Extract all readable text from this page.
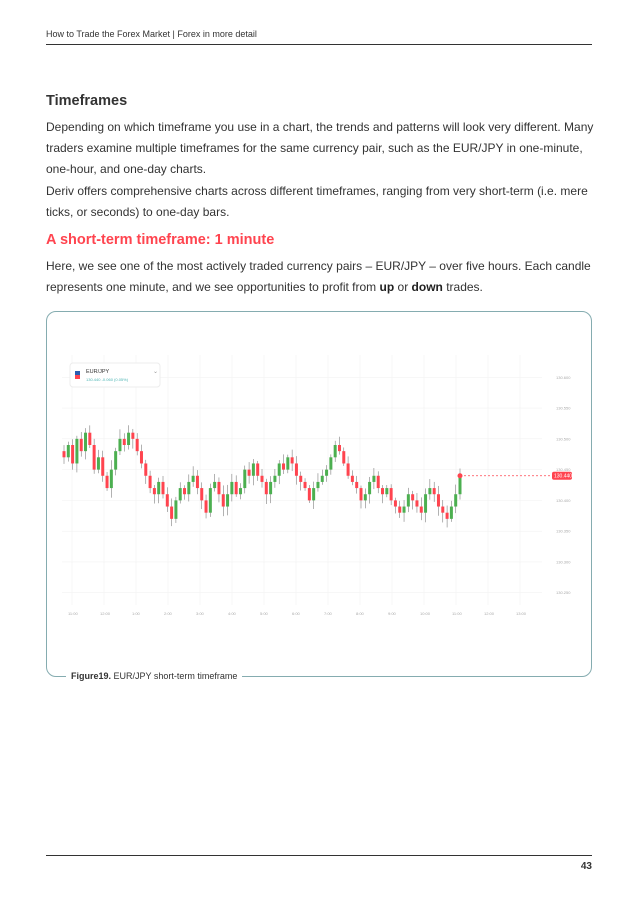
How to Trade the Forex Market | Forex in more detail
Timeframes

Depending on which timeframe you use in a chart, the trends and patterns will look very different. Many traders examine multiple timeframes for the same currency pair, such as the EUR/JPY in one-minute, one-hour, and one-day charts.

Deriv offers comprehensive charts across different timeframes, ranging from very short-term (i.e. mere ticks, or seconds) to one-day bars.

A short-term timeframe: 1 minute

Here, we see one of the most actively traded currency pairs – EUR/JPY – over five hours. Each candle represents one minute, and we see opportunities to profit from up or down trades.

130.600
130.550
130.500
130.450
130.400
130.350
130.300
130.250
11:00	12:00	1:00	2:00	3:00	4:00	5:00	6:00	7:00	8:00	9:00	10:00	11:00	12:00	13:00
130.440
EUR/JPY
130.440 -0.060 (0.05%)
⌄
Figure19. EUR/JPY short-term timeframe
43
